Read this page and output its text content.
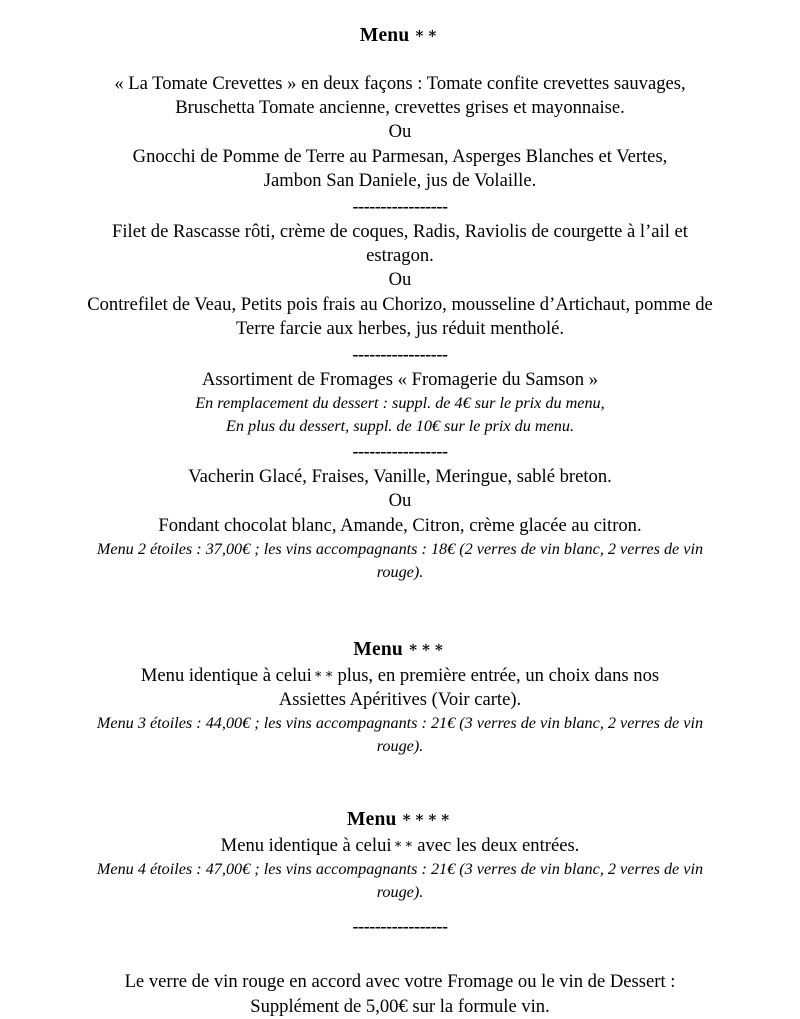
Menu ∗∗
« La Tomate Crevettes » en deux façons : Tomate confite crevettes sauvages,
Bruschetta Tomate ancienne, crevettes grises et mayonnaise.
Ou
Gnocchi de Pomme de Terre au Parmesan, Asperges Blanches et Vertes,
Jambon San Daniele, jus de Volaille.
-----------------
Filet de Rascasse rôti, crème de coques, Radis, Raviolis de courgette à l’ail et
estragon.
Ou
Contrefilet de Veau, Petits pois frais au Chorizo, mousseline d’Artichaut, pomme de
Terre farcie aux herbes, jus réduit mentholé.
-----------------
Assortiment de Fromages « Fromagerie du Samson »
En remplacement du dessert : suppl. de 4€ sur le prix du menu,
En plus du dessert, suppl. de 10€ sur le prix du menu.
-----------------
Vacherin Glacé, Fraises, Vanille, Meringue, sablé breton.
Ou
Fondant chocolat blanc, Amande, Citron, crème glacée au citron.
Menu 2 étoiles : 37,00€ ; les vins accompagnants : 18€ (2 verres de vin blanc, 2 verres de vin
rouge).
Menu ∗∗∗
Menu identique à celui ∗∗ plus, en première entrée, un choix dans nos
Assiettes Apéritives (Voir carte).
Menu 3 étoiles : 44,00€ ; les vins accompagnants : 21€ (3 verres de vin blanc, 2 verres de vin
rouge).
Menu ∗∗∗∗
Menu identique à celui ∗∗ avec les deux entrées.
Menu 4 étoiles : 47,00€ ; les vins accompagnants : 21€ (3 verres de vin blanc, 2 verres de vin
rouge).
-----------------
Le verre de vin rouge en accord avec votre Fromage ou le vin de Dessert :
Supplément de 5,00€ sur la formule vin.
